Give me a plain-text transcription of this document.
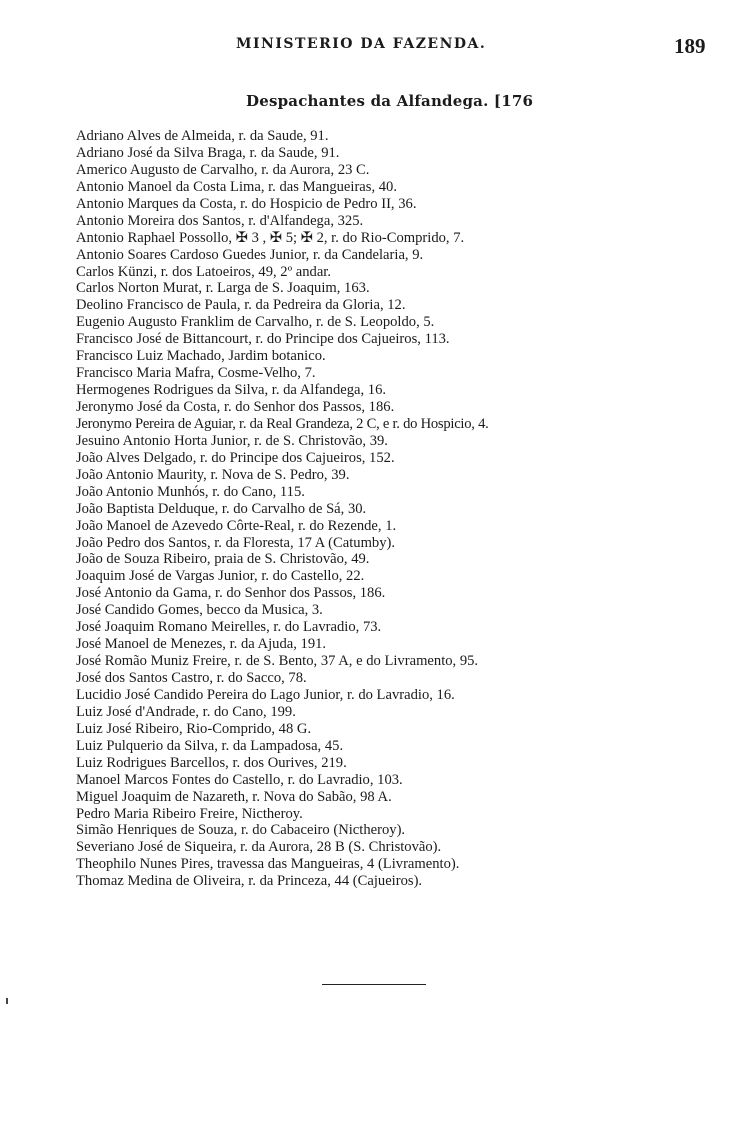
MINISTERIO DA FAZENDA.	189
Despachantes da Alfandega. [176
Adriano Alves de Almeida, r. da Saude, 91.
Adriano José da Silva Braga, r. da Saude, 91.
Americo Augusto de Carvalho, r. da Aurora, 23 C.
Antonio Manoel da Costa Lima, r. das Mangueiras, 40.
Antonio Marques da Costa, r. do Hospicio de Pedro II, 36.
Antonio Moreira dos Santos, r. d'Alfandega, 325.
Antonio Raphael Possollo, ✠ 3 , ✠ 5; ✠ 2, r. do Rio-Comprido, 7.
Antonio Soares Cardoso Guedes Junior, r. da Candelaria, 9.
Carlos Künzi, r. dos Latoeiros, 49, 2º andar.
Carlos Norton Murat, r. Larga de S. Joaquim, 163.
Deolino Francisco de Paula, r. da Pedreira da Gloria, 12.
Eugenio Augusto Franklim de Carvalho, r. de S. Leopoldo, 5.
Francisco José de Bittancourt, r. do Principe dos Cajueiros, 113.
Francisco Luiz Machado, Jardim botanico.
Francisco Maria Mafra, Cosme-Velho, 7.
Hermogenes Rodrigues da Silva, r. da Alfandega, 16.
Jeronymo José da Costa, r. do Senhor dos Passos, 186.
Jeronymo Pereira de Aguiar, r. da Real Grandeza, 2 C, e r. do Hospicio, 4.
Jesuino Antonio Horta Junior, r. de S. Christovão, 39.
João Alves Delgado, r. do Principe dos Cajueiros, 152.
João Antonio Maurity, r. Nova de S. Pedro, 39.
João Antonio Munhós, r. do Cano, 115.
João Baptista Delduque, r. do Carvalho de Sá, 30.
João Manoel de Azevedo Côrte-Real, r. do Rezende, 1.
João Pedro dos Santos, r. da Floresta, 17 A (Catumby).
João de Souza Ribeiro, praia de S. Christovão, 49.
Joaquim José de Vargas Junior, r. do Castello, 22.
José Antonio da Gama, r. do Senhor dos Passos, 186.
José Candido Gomes, becco da Musica, 3.
José Joaquim Romano Meirelles, r. do Lavradio, 73.
José Manoel de Menezes, r. da Ajuda, 191.
José Romão Muniz Freire, r. de S. Bento, 37 A, e do Livramento, 95.
José dos Santos Castro, r. do Sacco, 78.
Lucidio José Candido Pereira do Lago Junior, r. do Lavradio, 16.
Luiz José d'Andrade, r. do Cano, 199.
Luiz José Ribeiro, Rio-Comprido, 48 G.
Luiz Pulquerio da Silva, r. da Lampadosa, 45.
Luiz Rodrigues Barcellos, r. dos Ourives, 219.
Manoel Marcos Fontes do Castello, r. do Lavradio, 103.
Miguel Joaquim de Nazareth, r. Nova do Sabão, 98 A.
Pedro Maria Ribeiro Freire, Nictheroy.
Simão Henriques de Souza, r. do Cabaceiro (Nictheroy).
Severiano José de Siqueira, r. da Aurora, 28 B (S. Christovão).
Theophilo Nunes Pires, travessa das Mangueiras, 4 (Livramento).
Thomaz Medina de Oliveira, r. da Princeza, 44 (Cajueiros).
